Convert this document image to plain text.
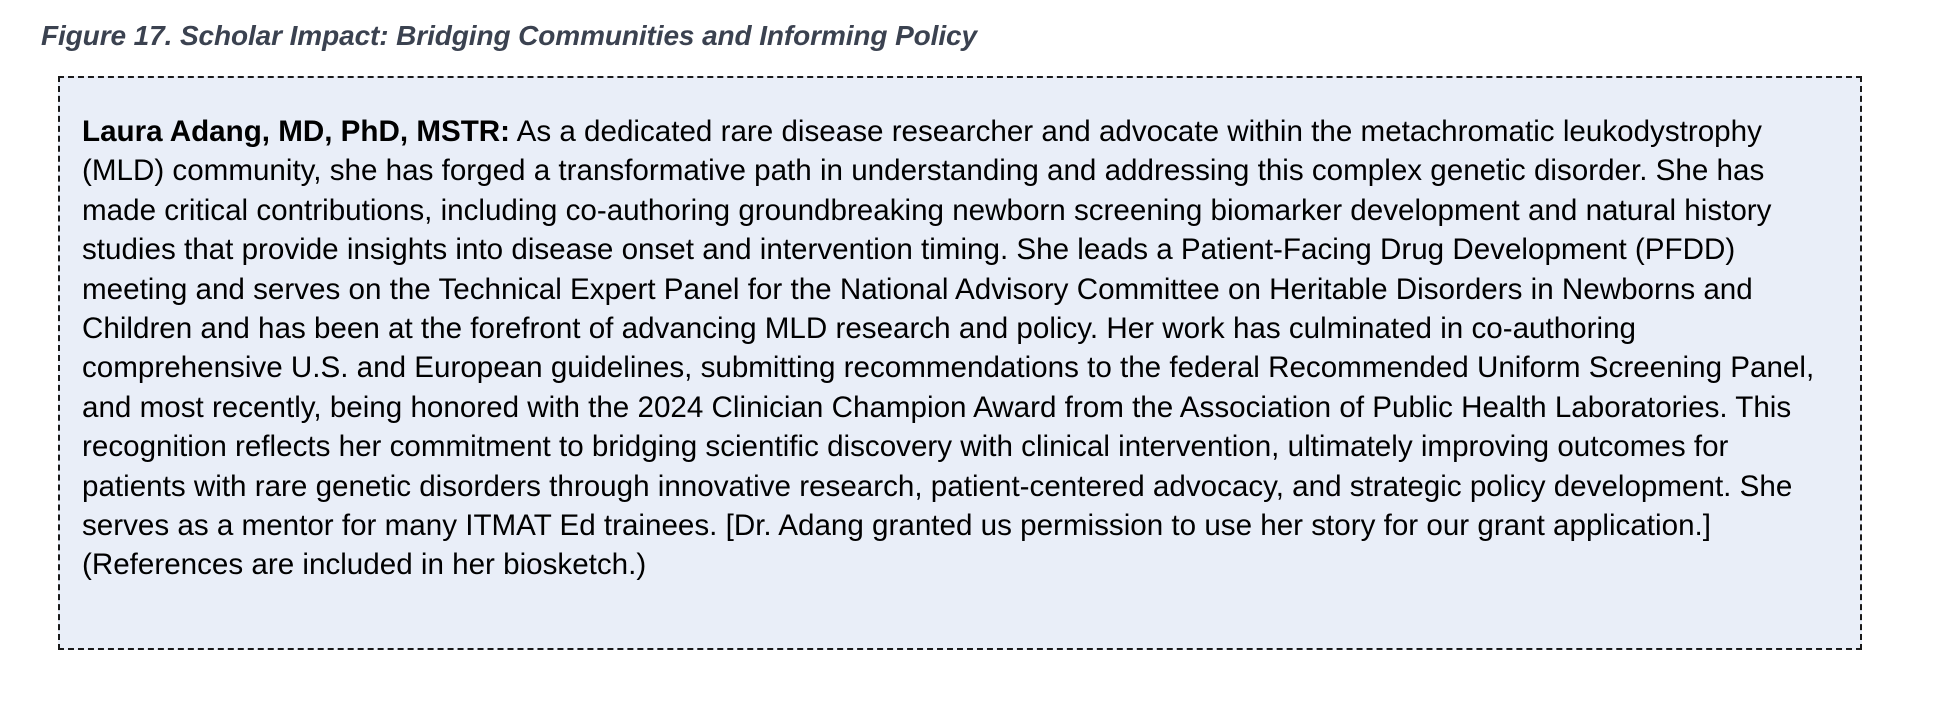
Figure 17. Scholar Impact: Bridging Communities and Informing Policy

Laura Adang, MD, PhD, MSTR: As a dedicated rare disease researcher and advocate within the metachromatic leukodystrophy (MLD) community, she has forged a transformative path in understanding and addressing this complex genetic disorder. She has made critical contributions, including co-authoring groundbreaking newborn screening biomarker development and natural history studies that provide insights into disease onset and intervention timing. She leads a Patient-Facing Drug Development (PFDD) meeting and serves on the Technical Expert Panel for the National Advisory Committee on Heritable Disorders in Newborns and Children and has been at the forefront of advancing MLD research and policy. Her work has culminated in co-authoring comprehensive U.S. and European guidelines, submitting recommendations to the federal Recommended Uniform Screening Panel, and most recently, being honored with the 2024 Clinician Champion Award from the Association of Public Health Laboratories. This recognition reflects her commitment to bridging scientific discovery with clinical intervention, ultimately improving outcomes for patients with rare genetic disorders through innovative research, patient-centered advocacy, and strategic policy development. She serves as a mentor for many ITMAT Ed trainees. [Dr. Adang granted us permission to use her story for our grant application.] (References are included in her biosketch.)
